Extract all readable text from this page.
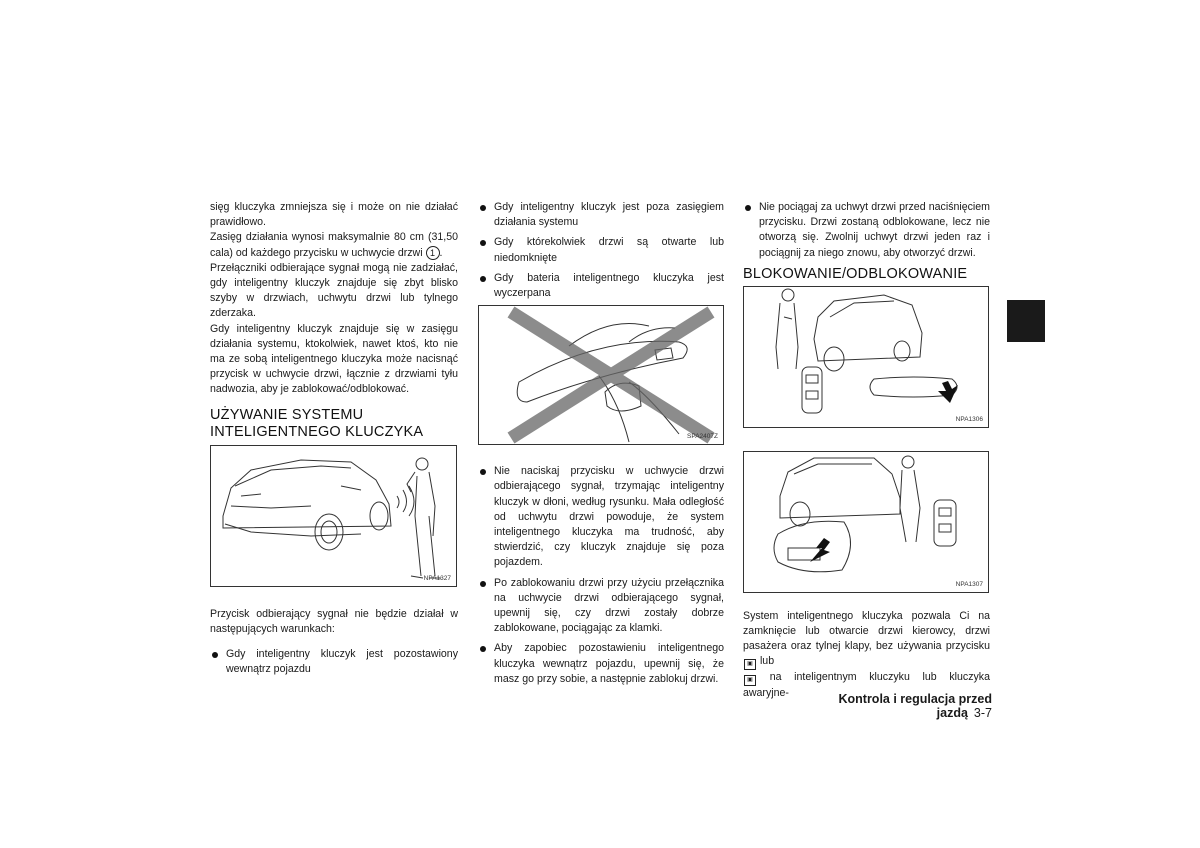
sięg kluczyka zmniejsza się i może on nie działać prawidłowo.

Zasięg działania wynosi maksymalnie 80 cm (31,50 cala) od każdego przycisku w uchwycie drzwi 1 .

Przełączniki odbierające sygnał mogą nie zadziałać, gdy inteligentny kluczyk znajduje się zbyt blisko szyby w drzwiach, uchwytu drzwi lub tylnego zderzaka.

Gdy inteligentny kluczyk znajduje się w zasięgu działania systemu, ktokolwiek, nawet ktoś, kto nie ma ze sobą inteligentnego kluczyka może nacisnąć przycisk w uchwycie drzwi, łącznie z drzwiami tyłu nadwozia, aby je zablokować/odblokować.

UŻYWANIE SYSTEMU INTELIGENTNEGO KLUCZYKA
NPA1327

Przycisk odbierający sygnał nie będzie działał w następujących warunkach:

Gdy inteligentny kluczyk jest pozostawiony wewnątrz pojazdu

Gdy inteligentny kluczyk jest poza zasięgiem działania systemu

Gdy którekolwiek drzwi są otwarte lub niedomknięte

Gdy bateria inteligentnego kluczyka jest wyczerpana

SPA2407Z

Nie naciskaj przycisku w uchwycie drzwi odbierającego sygnał, trzymając inteligentny kluczyk w dłoni, według rysunku. Mała odległość od uchwytu drzwi powoduje, że system inteligentnego kluczyka ma trudność, aby stwierdzić, czy kluczyk znajduje się poza pojazdem.

Po zablokowaniu drzwi przy użyciu przełącznika na uchwycie drzwi odbierającego sygnał, upewnij się, czy drzwi zostały dobrze zablokowane, pociągając za klamki.

Aby zapobiec pozostawieniu inteligentnego kluczyka wewnątrz pojazdu, upewnij się, że masz go przy sobie, a następnie zablokuj drzwi.

Nie pociągaj za uchwyt drzwi przed naciśnięciem przycisku. Drzwi zostaną odblokowane, lecz nie otworzą się. Zwolnij uchwyt drzwi jeden raz i pociągnij za niego znowu, aby otworzyć drzwi.

BLOKOWANIE/ODBLOKOWANIE
NPA1306
NPA1307

System inteligentnego kluczyka pozwala Ci na zamknięcie lub otwarcie drzwi kierowcy, drzwi pasażera oraz tylnej klapy, bez używania przycisku ▣ lub
▣ na inteligentnym kluczyku lub kluczyka awaryjne-	Kontrola i regulacja przed jazdą 3-7
